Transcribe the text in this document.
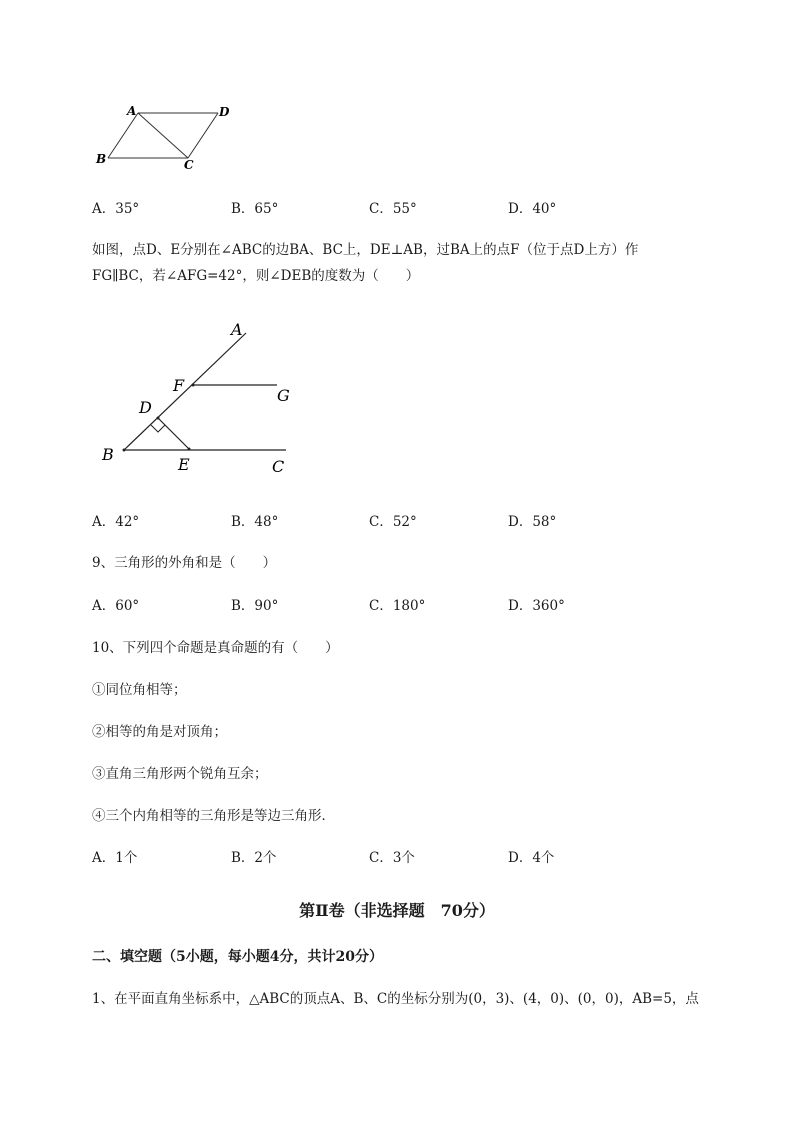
A	D
B	C
A．35°	B．65°	C．55°	D．40°
如图，点D、E分别在∠ABC的边BA、BC上，DE⊥AB，过BA上的点F（位于点D上方）作
FG∥BC，若∠AFG=42°，则∠DEB的度数为（　　）
A
F
G
D
B
E	C
A．42°	B．48°	C．52°	D．58°
9、三角形的外角和是（　　）
A．60°	B．90°	C．180°	D．360°
10、下列四个命题是真命题的有（　　）
①同位角相等；
②相等的角是对顶角；
③直角三角形两个锐角互余；
④三个内角相等的三角形是等边三角形．
A．1个	B．2个	C．3个	D．4个
第Ⅱ卷（非选择题　70分）
二、填空题（5小题，每小题4分，共计20分）
1、在平面直角坐标系中，△ABC的顶点A、B、C的坐标分别为(0，3)、(4，0)、(0，0)，AB=5，点
